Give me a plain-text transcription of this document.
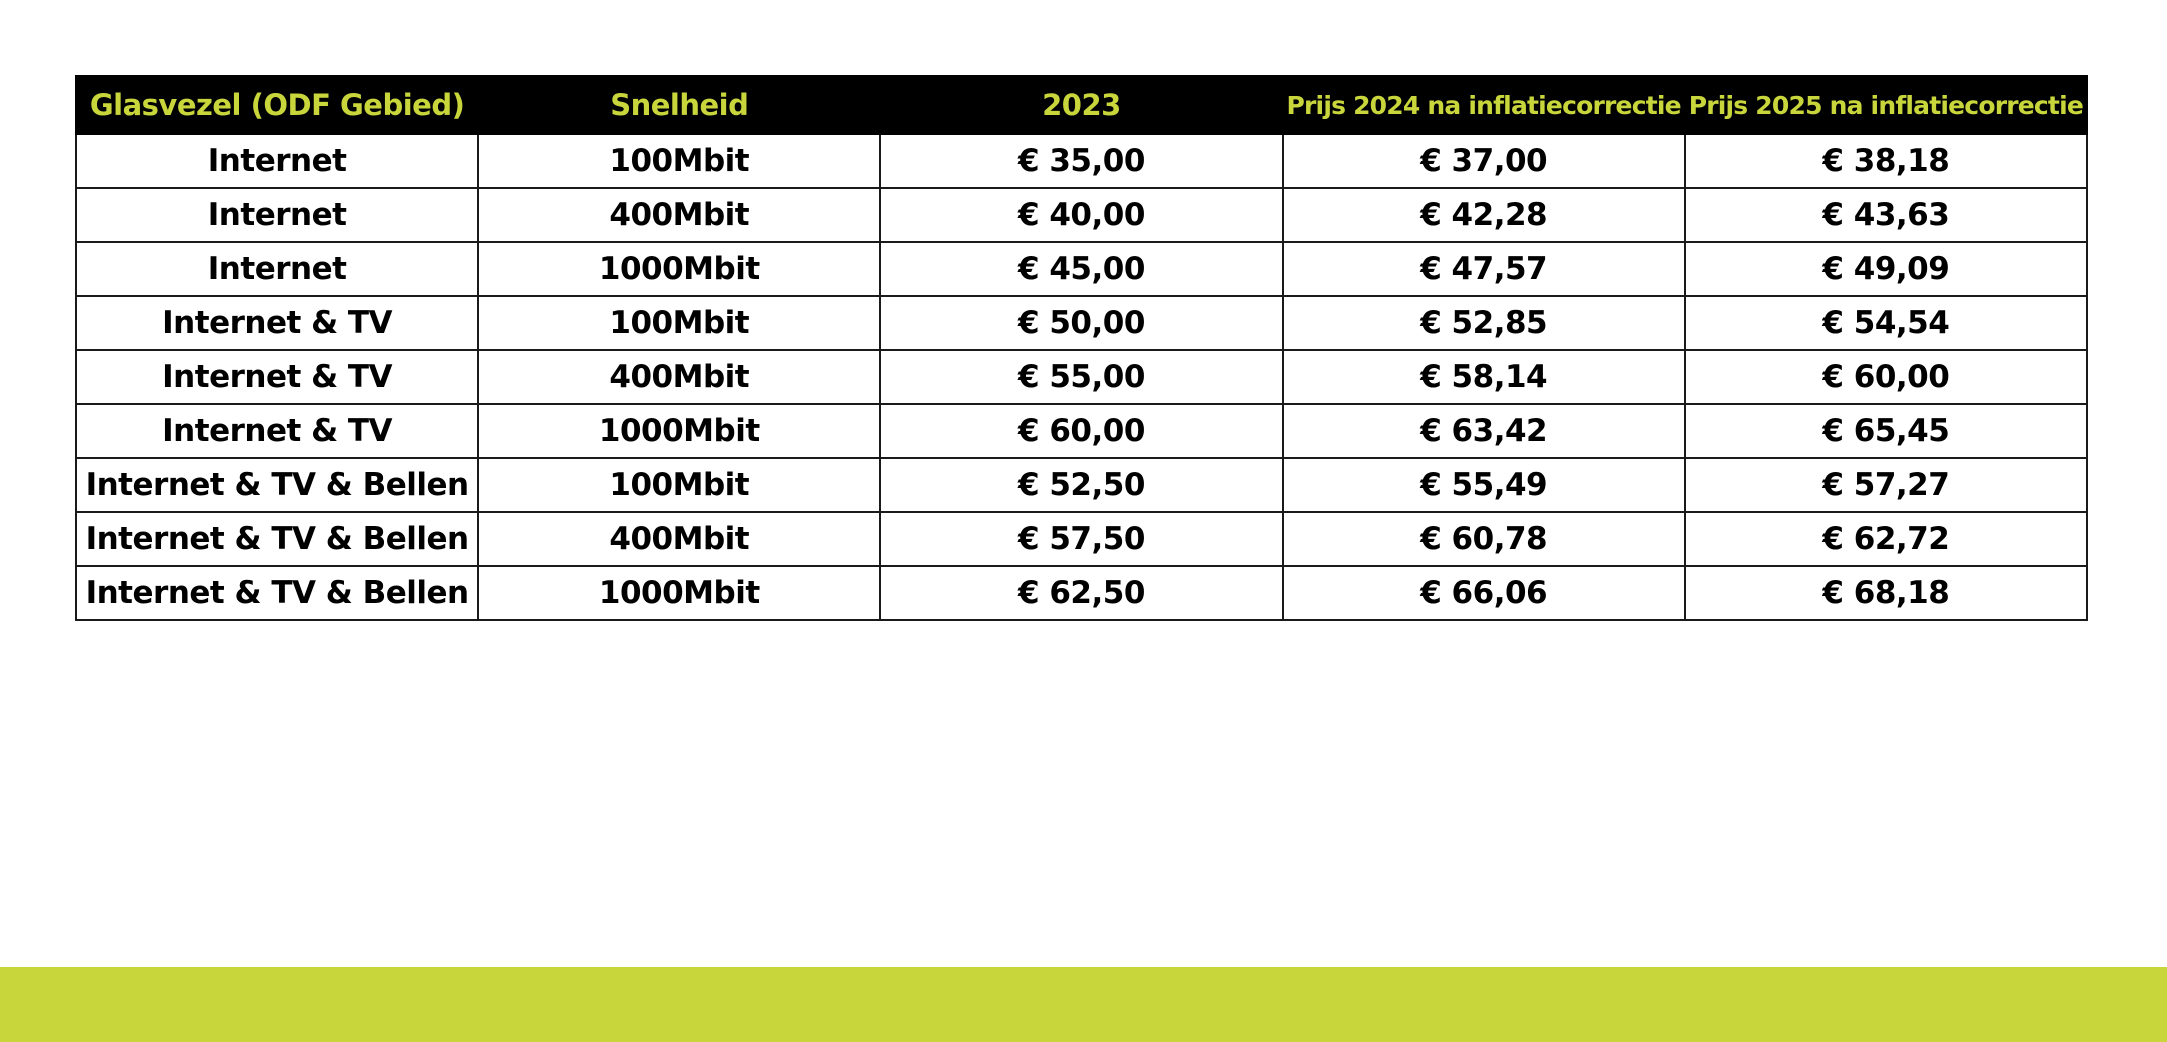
Glasvezel (ODF Gebied)	Snelheid	2023	Prijs 2024 na inflatiecorrectie	Prijs 2025 na inflatiecorrectie
Internet	100Mbit	€ 35,00	€ 37,00	€ 38,18
Internet	400Mbit	€ 40,00	€ 42,28	€ 43,63
Internet	1000Mbit	€ 45,00	€ 47,57	€ 49,09
Internet & TV	100Mbit	€ 50,00	€ 52,85	€ 54,54
Internet & TV	400Mbit	€ 55,00	€ 58,14	€ 60,00
Internet & TV	1000Mbit	€ 60,00	€ 63,42	€ 65,45
Internet & TV & Bellen	100Mbit	€ 52,50	€ 55,49	€ 57,27
Internet & TV & Bellen	400Mbit	€ 57,50	€ 60,78	€ 62,72
Internet & TV & Bellen	1000Mbit	€ 62,50	€ 66,06	€ 68,18
